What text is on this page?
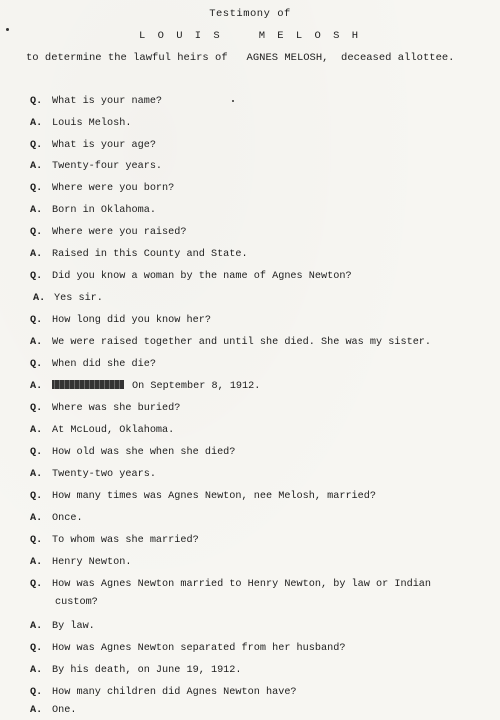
Testimony of
L O U I S	M E L O S H
to determine the lawful heirs of   AGNES MELOSH,  deceased allottee.
Q. What is your name?
A. Louis Melosh.
Q. What is your age?
A. Twenty-four years.
Q. Where were you born?
A. Born in Oklahoma.
Q. Where were you raised?
A. Raised in this County and State.
Q. Did you know a woman by the name of Agnes Newton?
A. Yes sir.
Q. How long did you know her?
A. We were raised together and until she died. She was my sister.
Q. When did she die?
A.	On September 8, 1912.
Q. Where was she buried?
A. At McLoud, Oklahoma.
Q. How old was she when she died?
A. Twenty-two years.
Q. How many times was Agnes Newton, nee Melosh, married?
A. Once.
Q. To whom was she married?
A. Henry Newton.
Q. How was Agnes Newton married to Henry Newton, by law or Indian
custom?
A. By law.
Q. How was Agnes Newton separated from her husband?
A. By his death, on June 19, 1912.
Q. How many children did Agnes Newton have?
A. One.
